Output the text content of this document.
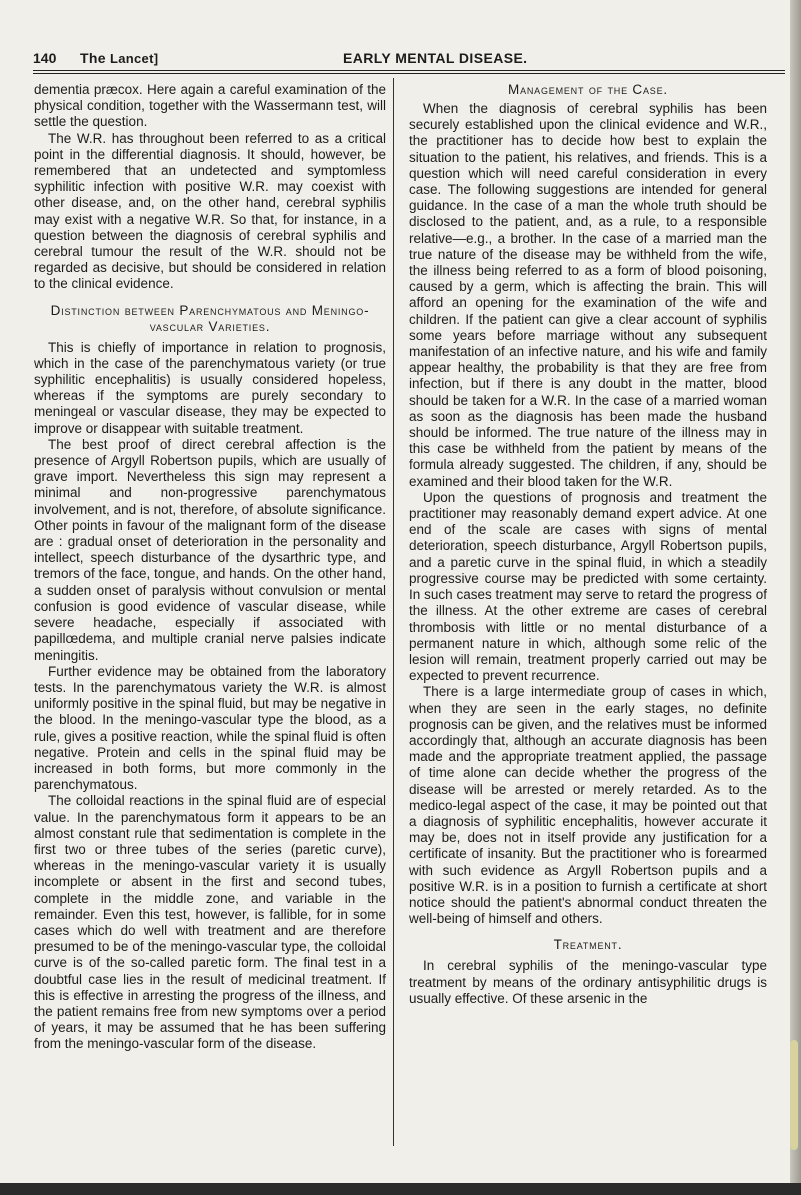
140 The Lancet]	EARLY MENTAL DISEASE.

dementia præcox. Here again a careful examination of the physical condition, together with the Wassermann test, will settle the question.

The W.R. has throughout been referred to as a critical point in the differential diagnosis. It should, however, be remembered that an undetected and symptomless syphilitic infection with positive W.R. may coexist with other disease, and, on the other hand, cerebral syphilis may exist with a negative W.R. So that, for instance, in a question between the diagnosis of cerebral syphilis and cerebral tumour the result of the W.R. should not be regarded as decisive, but should be considered in relation to the clinical evidence.

Distinction between Parenchymatous and Meningo-vascular Varieties.

This is chiefly of importance in relation to prognosis, which in the case of the parenchymatous variety (or true syphilitic encephalitis) is usually considered hopeless, whereas if the symptoms are purely secondary to meningeal or vascular disease, they may be expected to improve or disappear with suitable treatment.

The best proof of direct cerebral affection is the presence of Argyll Robertson pupils, which are usually of grave import. Nevertheless this sign may represent a minimal and non-progressive parenchymatous involvement, and is not, therefore, of absolute significance. Other points in favour of the malignant form of the disease are : gradual onset of deterioration in the personality and intellect, speech disturbance of the dysarthric type, and tremors of the face, tongue, and hands. On the other hand, a sudden onset of paralysis without convulsion or mental confusion is good evidence of vascular disease, while severe headache, especially if associated with papillœdema, and multiple cranial nerve palsies indicate meningitis.

Further evidence may be obtained from the laboratory tests. In the parenchymatous variety the W.R. is almost uniformly positive in the spinal fluid, but may be negative in the blood. In the meningo-vascular type the blood, as a rule, gives a positive reaction, while the spinal fluid is often negative. Protein and cells in the spinal fluid may be increased in both forms, but more commonly in the parenchymatous.

The colloidal reactions in the spinal fluid are of especial value. In the parenchymatous form it appears to be an almost constant rule that sedimentation is complete in the first two or three tubes of the series (paretic curve), whereas in the meningo-vascular variety it is usually incomplete or absent in the first and second tubes, complete in the middle zone, and variable in the remainder. Even this test, however, is fallible, for in some cases which do well with treatment and are therefore presumed to be of the meningo-vascular type, the colloidal curve is of the so-called paretic form. The final test in a doubtful case lies in the result of medicinal treatment. If this is effective in arresting the progress of the illness, and the patient remains free from new symptoms over a period of years, it may be assumed that he has been suffering from the meningo-vascular form of the disease.

Management of the Case.

When the diagnosis of cerebral syphilis has been securely established upon the clinical evidence and W.R., the practitioner has to decide how best to explain the situation to the patient, his relatives, and friends. This is a question which will need careful consideration in every case. The following suggestions are intended for general guidance. In the case of a man the whole truth should be disclosed to the patient, and, as a rule, to a responsible relative—e.g., a brother. In the case of a married man the true nature of the disease may be withheld from the wife, the illness being referred to as a form of blood poisoning, caused by a germ, which is affecting the brain. This will afford an opening for the examination of the wife and children. If the patient can give a clear account of syphilis some years before marriage without any subsequent manifestation of an infective nature, and his wife and family appear healthy, the probability is that they are free from infection, but if there is any doubt in the matter, blood should be taken for a W.R. In the case of a married woman as soon as the diagnosis has been made the husband should be informed. The true nature of the illness may in this case be withheld from the patient by means of the formula already suggested. The children, if any, should be examined and their blood taken for the W.R.

Upon the questions of prognosis and treatment the practitioner may reasonably demand expert advice. At one end of the scale are cases with signs of mental deterioration, speech disturbance, Argyll Robertson pupils, and a paretic curve in the spinal fluid, in which a steadily progressive course may be predicted with some certainty. In such cases treatment may serve to retard the progress of the illness. At the other extreme are cases of cerebral thrombosis with little or no mental disturbance of a permanent nature in which, although some relic of the lesion will remain, treatment properly carried out may be expected to prevent recurrence.

There is a large intermediate group of cases in which, when they are seen in the early stages, no definite prognosis can be given, and the relatives must be informed accordingly that, although an accurate diagnosis has been made and the appropriate treatment applied, the passage of time alone can decide whether the progress of the disease will be arrested or merely retarded. As to the medico-legal aspect of the case, it may be pointed out that a diagnosis of syphilitic encephalitis, however accurate it may be, does not in itself provide any justification for a certificate of insanity. But the practitioner who is forearmed with such evidence as Argyll Robertson pupils and a positive W.R. is in a position to furnish a certificate at short notice should the patient's abnormal conduct threaten the well-being of himself and others.

Treatment.

In cerebral syphilis of the meningo-vascular type treatment by means of the ordinary antisyphilitic drugs is usually effective. Of these arsenic in the
